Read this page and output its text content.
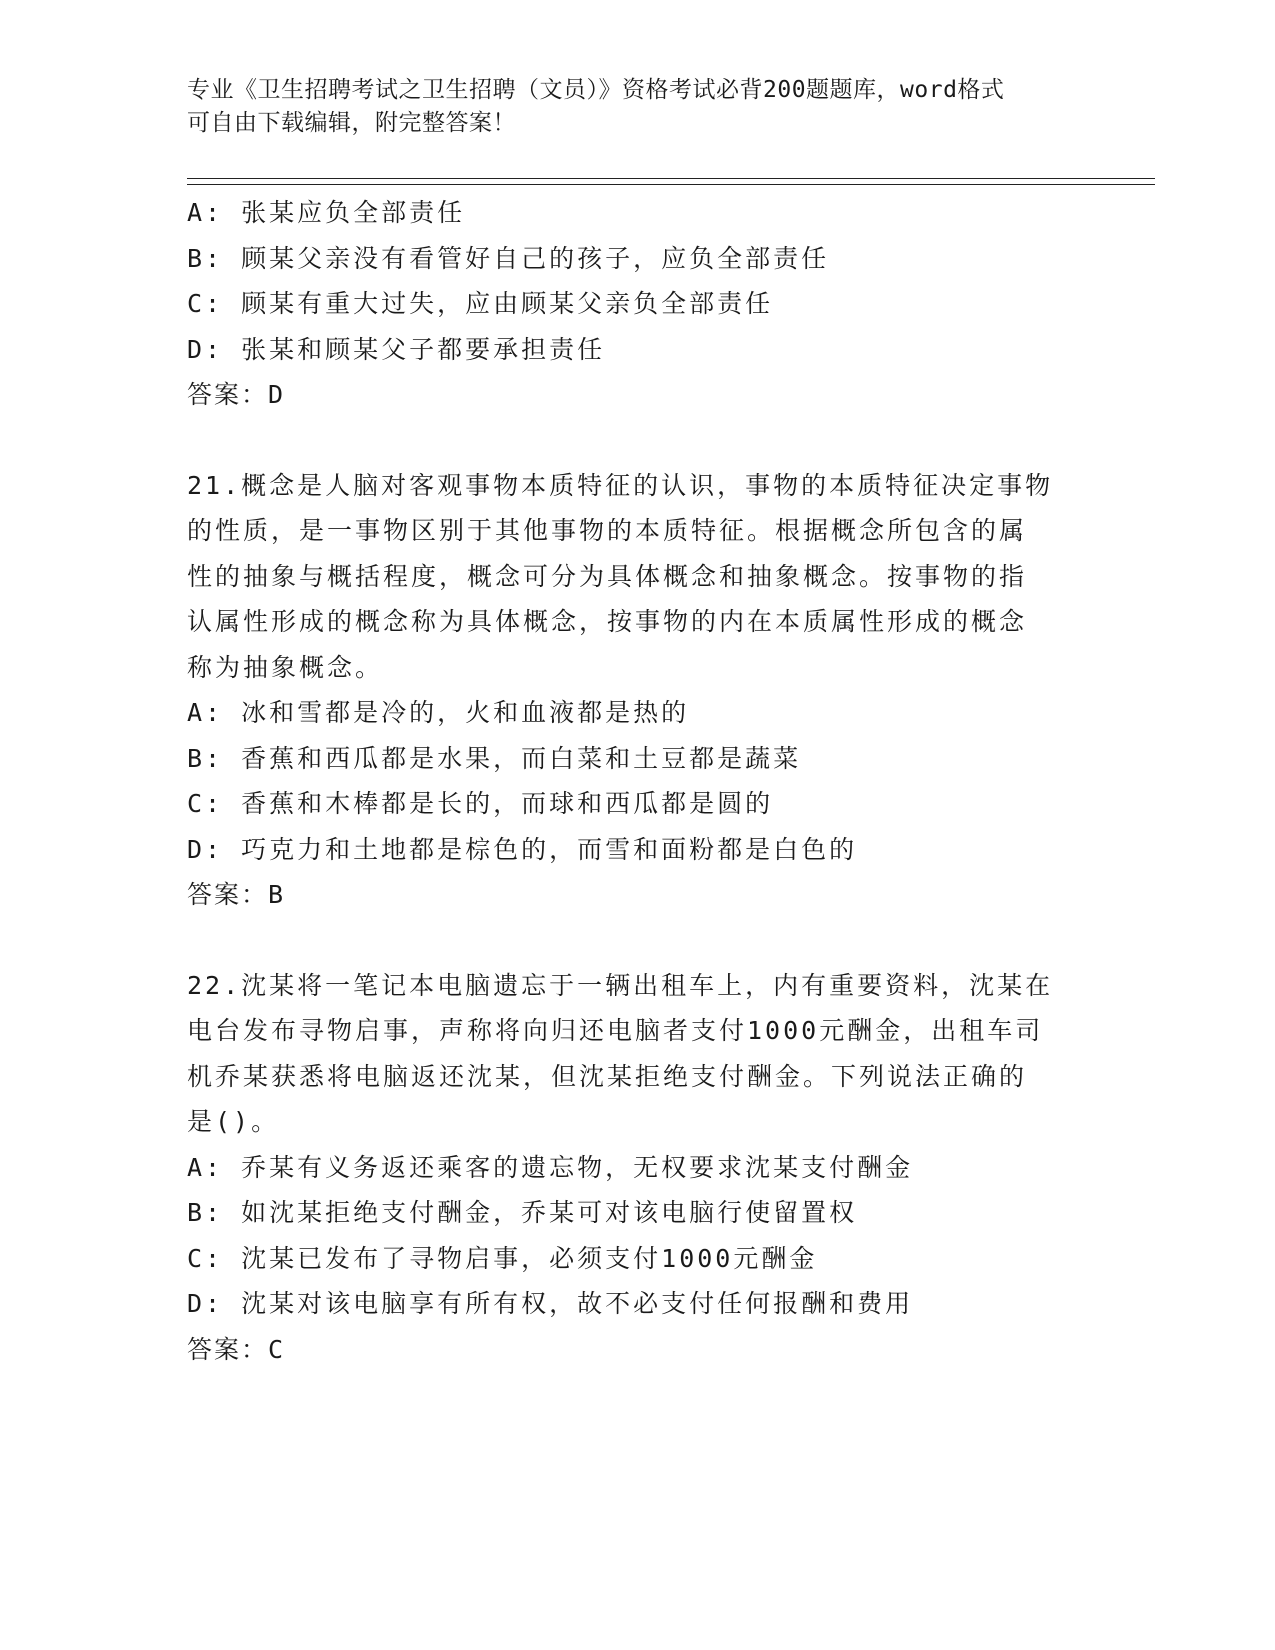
专业《卫生招聘考试之卫生招聘（文员）》资格考试必背200题题库，word格式
可自由下载编辑，附完整答案！
A: 张某应负全部责任
B: 顾某父亲没有看管好自己的孩子，应负全部责任
C: 顾某有重大过失，应由顾某父亲负全部责任
D: 张某和顾某父子都要承担责任
答案：D
21.概念是人脑对客观事物本质特征的认识，事物的本质特征决定事物
的性质，是一事物区别于其他事物的本质特征。根据概念所包含的属
性的抽象与概括程度，概念可分为具体概念和抽象概念。按事物的指
认属性形成的概念称为具体概念，按事物的内在本质属性形成的概念
称为抽象概念。
A: 冰和雪都是冷的，火和血液都是热的
B: 香蕉和西瓜都是水果，而白菜和土豆都是蔬菜
C: 香蕉和木棒都是长的，而球和西瓜都是圆的
D: 巧克力和土地都是棕色的，而雪和面粉都是白色的
答案：B
22.沈某将一笔记本电脑遗忘于一辆出租车上，内有重要资料，沈某在
电台发布寻物启事，声称将向归还电脑者支付1000元酬金，出租车司
机乔某获悉将电脑返还沈某，但沈某拒绝支付酬金。下列说法正确的
是()。
A: 乔某有义务返还乘客的遗忘物，无权要求沈某支付酬金
B: 如沈某拒绝支付酬金，乔某可对该电脑行使留置权
C: 沈某已发布了寻物启事，必须支付1000元酬金
D: 沈某对该电脑享有所有权，故不必支付任何报酬和费用
答案：C
